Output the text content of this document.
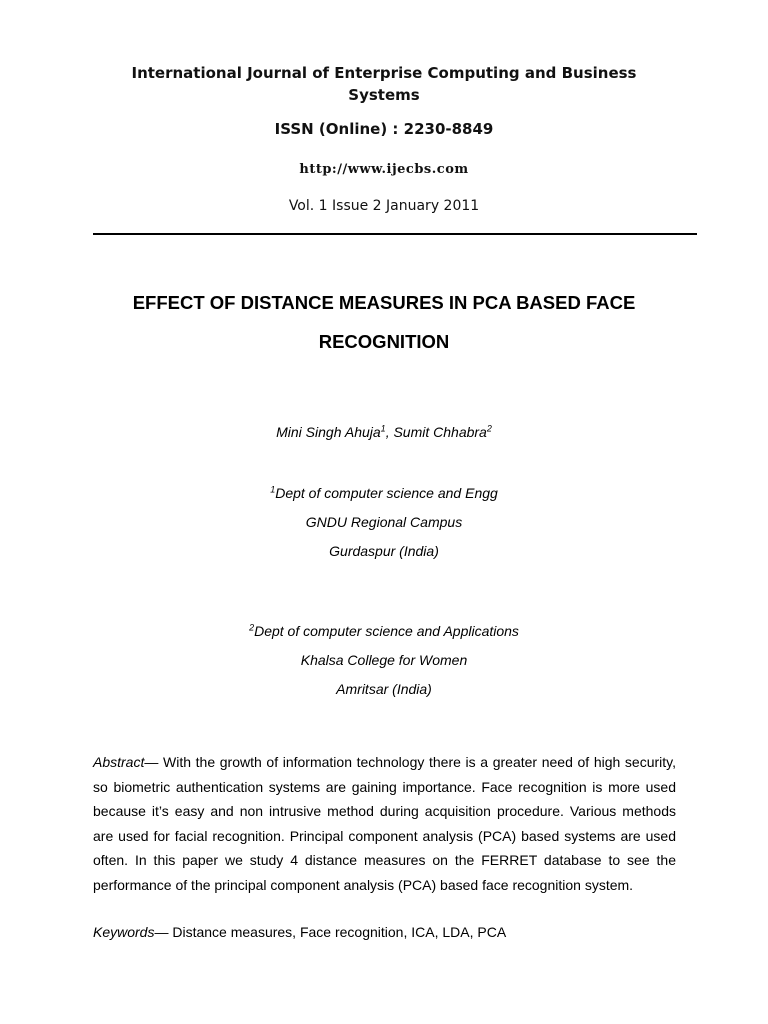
International Journal of Enterprise Computing and Business
Systems
ISSN (Online) : 2230-8849
http://www.ijecbs.com
Vol. 1 Issue 2 January 2011
EFFECT OF DISTANCE MEASURES IN PCA BASED FACE
RECOGNITION
Mini Singh Ahuja$^1$, Sumit Chhabra$^2$
$^1$Dept of computer science and Engg
GNDU Regional Campus
Gurdaspur (India)
$^2$Dept of computer science and Applications
Khalsa College for Women
Amritsar (India)
Abstract— With the growth of information technology there is a greater need of high security, so biometric authentication systems are gaining importance. Face recognition is more used because it’s easy and non intrusive method during acquisition procedure. Various methods are used for facial recognition. Principal component analysis (PCA) based systems are used often. In this paper we study 4 distance measures on the FERRET database to see the performance of the principal component analysis (PCA) based face recognition system.
Keywords— Distance measures, Face recognition, ICA, LDA, PCA
